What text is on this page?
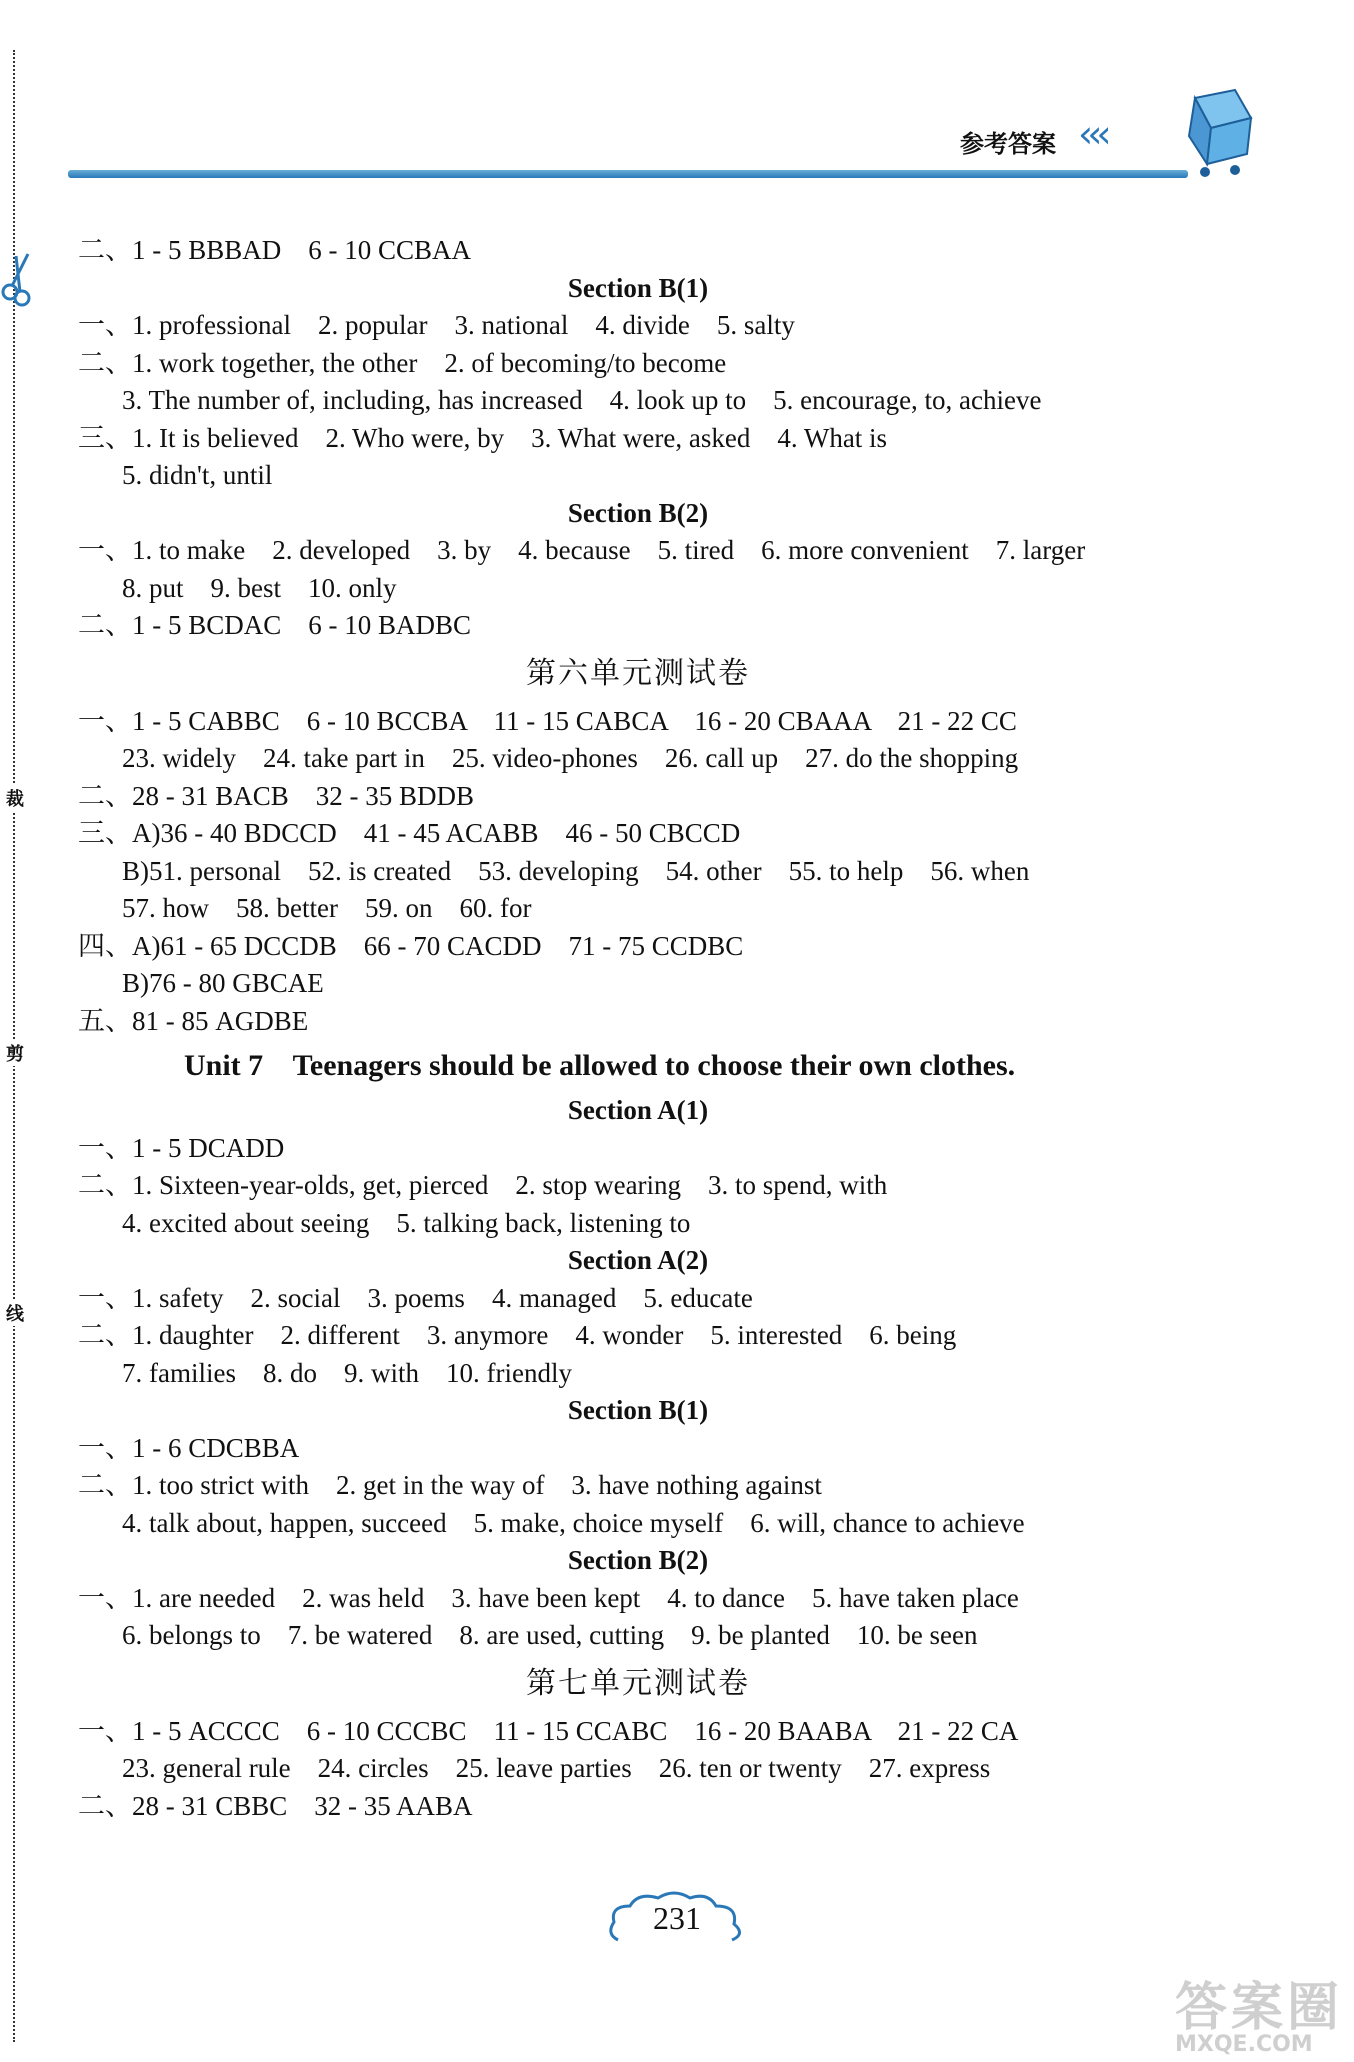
裁
剪
线
参考答案 ‹‹‹
二、1 - 5 BBBAD    6 - 10 CCBAA
Section B(1)
一、1. professional    2. popular    3. national    4. divide    5. salty
二、1. work together, the other    2. of becoming/to become
3. The number of, including, has increased    4. look up to    5. encourage, to, achieve
三、1. It is believed    2. Who were, by    3. What were, asked    4. What is
5. didn't, until
Section B(2)
一、1. to make    2. developed    3. by    4. because    5. tired    6. more convenient    7. larger
8. put    9. best    10. only
二、1 - 5 BCDAC    6 - 10 BADBC
第六单元测试卷
一、1 - 5 CABBC    6 - 10 BCCBA    11 - 15 CABCA    16 - 20 CBAAA    21 - 22 CC
23. widely    24. take part in    25. video-phones    26. call up    27. do the shopping
二、28 - 31 BACB    32 - 35 BDDB
三、A)36 - 40 BDCCD    41 - 45 ACABB    46 - 50 CBCCD
B)51. personal    52. is created    53. developing    54. other    55. to help    56. when
57. how    58. better    59. on    60. for
四、A)61 - 65 DCCDB    66 - 70 CACDD    71 - 75 CCDBC
B)76 - 80 GBCAE
五、81 - 85 AGDBE
Unit 7    Teenagers should be allowed to choose their own clothes.
Section A(1)
一、1 - 5 DCADD
二、1. Sixteen-year-olds, get, pierced    2. stop wearing    3. to spend, with
4. excited about seeing    5. talking back, listening to
Section A(2)
一、1. safety    2. social    3. poems    4. managed    5. educate
二、1. daughter    2. different    3. anymore    4. wonder    5. interested    6. being
7. families    8. do    9. with    10. friendly
Section B(1)
一、1 - 6 CDCBBA
二、1. too strict with    2. get in the way of    3. have nothing against
4. talk about, happen, succeed    5. make, choice myself    6. will, chance to achieve
Section B(2)
一、1. are needed    2. was held    3. have been kept    4. to dance    5. have taken place
6. belongs to    7. be watered    8. are used, cutting    9. be planted    10. be seen
第七单元测试卷
一、1 - 5 ACCCC    6 - 10 CCCBC    11 - 15 CCABC    16 - 20 BAABA    21 - 22 CA
23. general rule    24. circles    25. leave parties    26. ten or twenty    27. express
二、28 - 31 CBBC    32 - 35 AABA
231
答案圈
MXQE.COM
